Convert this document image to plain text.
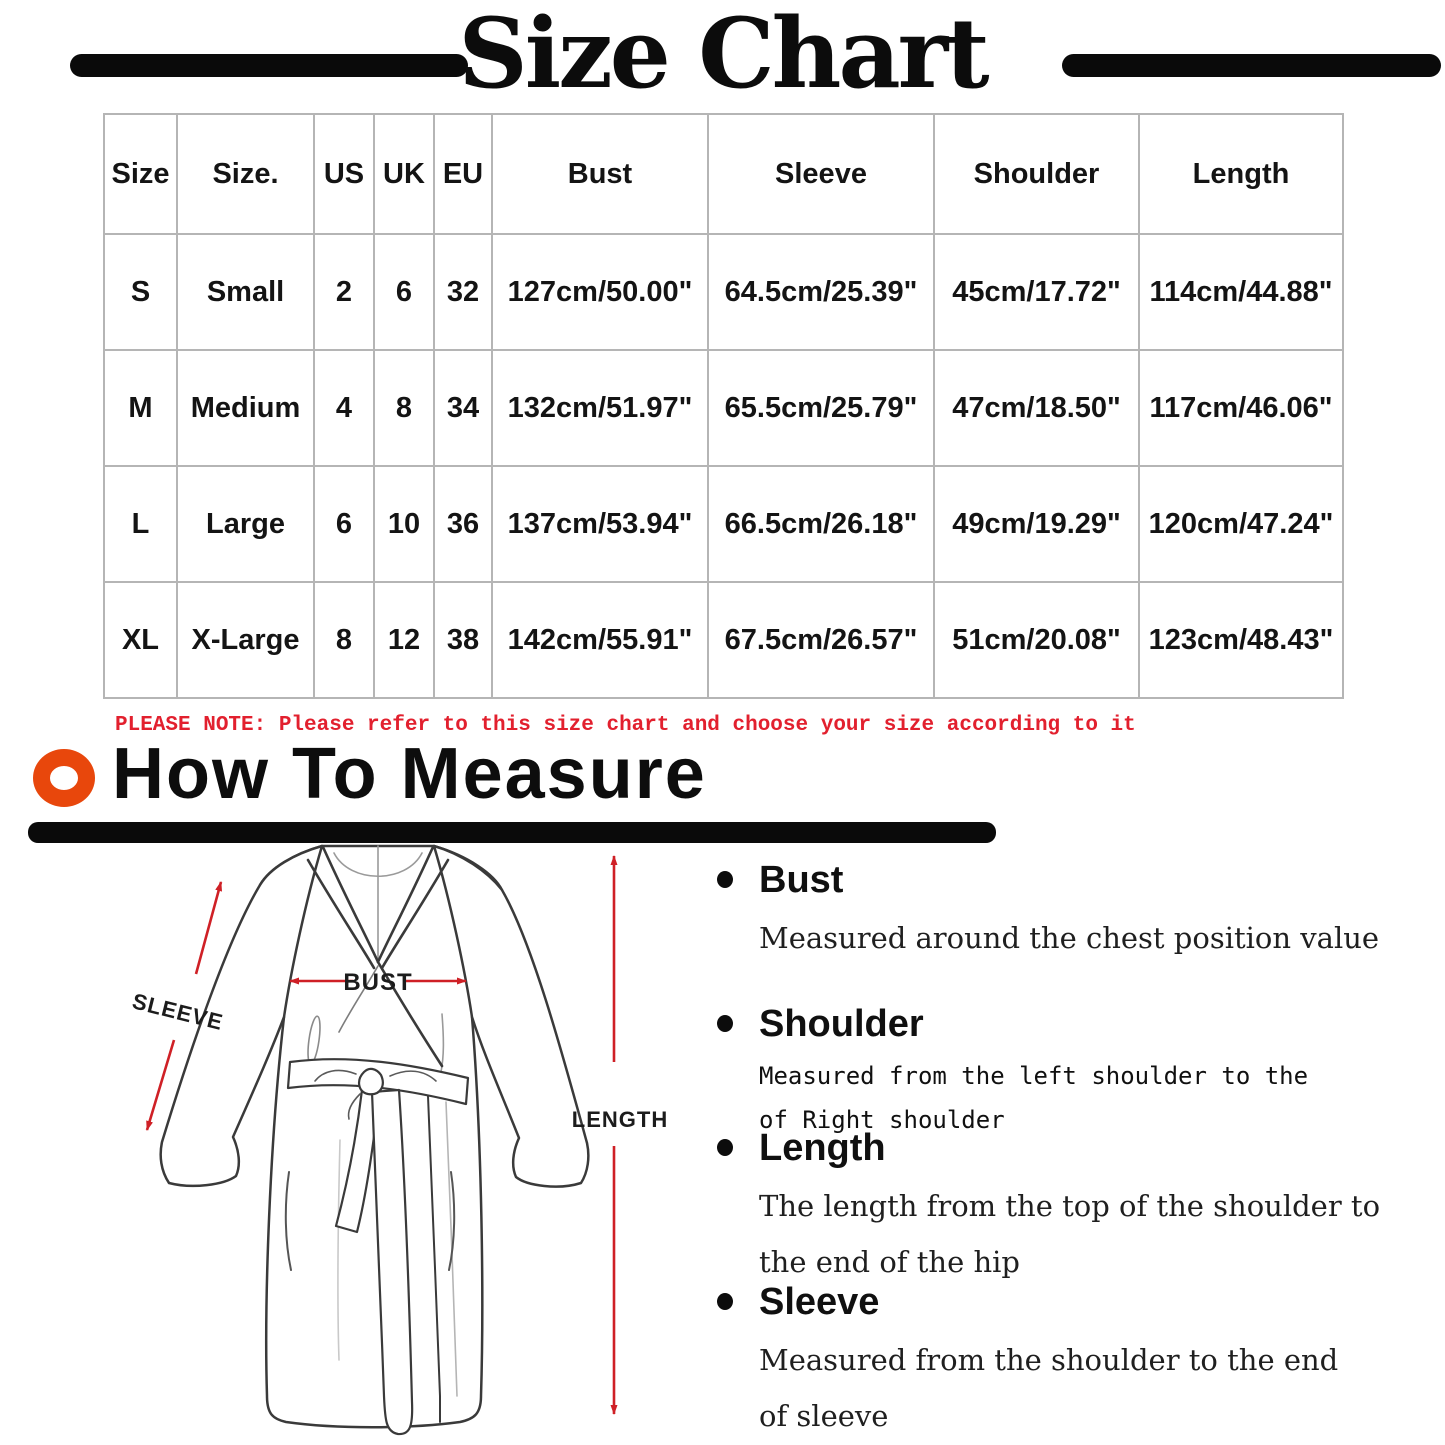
Size Chart
Size	Size.	US	UK	EU	Bust	Sleeve	Shoulder	Length
S	Small	2	6	32	127cm/50.00"	64.5cm/25.39"	45cm/17.72"	114cm/44.88"
M	Medium	4	8	34	132cm/51.97"	65.5cm/25.79"	47cm/18.50"	117cm/46.06"
L	Large	6	10	36	137cm/53.94"	66.5cm/26.18"	49cm/19.29"	120cm/47.24"
XL	X-Large	8	12	38	142cm/55.91"	67.5cm/26.57"	51cm/20.08"	123cm/48.43"
PLEASE NOTE: Please refer to this size chart and choose your size according to it
How To Measure
BUST
SLEEVE
LENGTH
Bust
Measured around the chest position value
Shoulder
Measured from the left shoulder to the
of Right shoulder
Length
The length from the top of the shoulder to
the end of the hip
Sleeve
Measured from the shoulder to the end
of sleeve
